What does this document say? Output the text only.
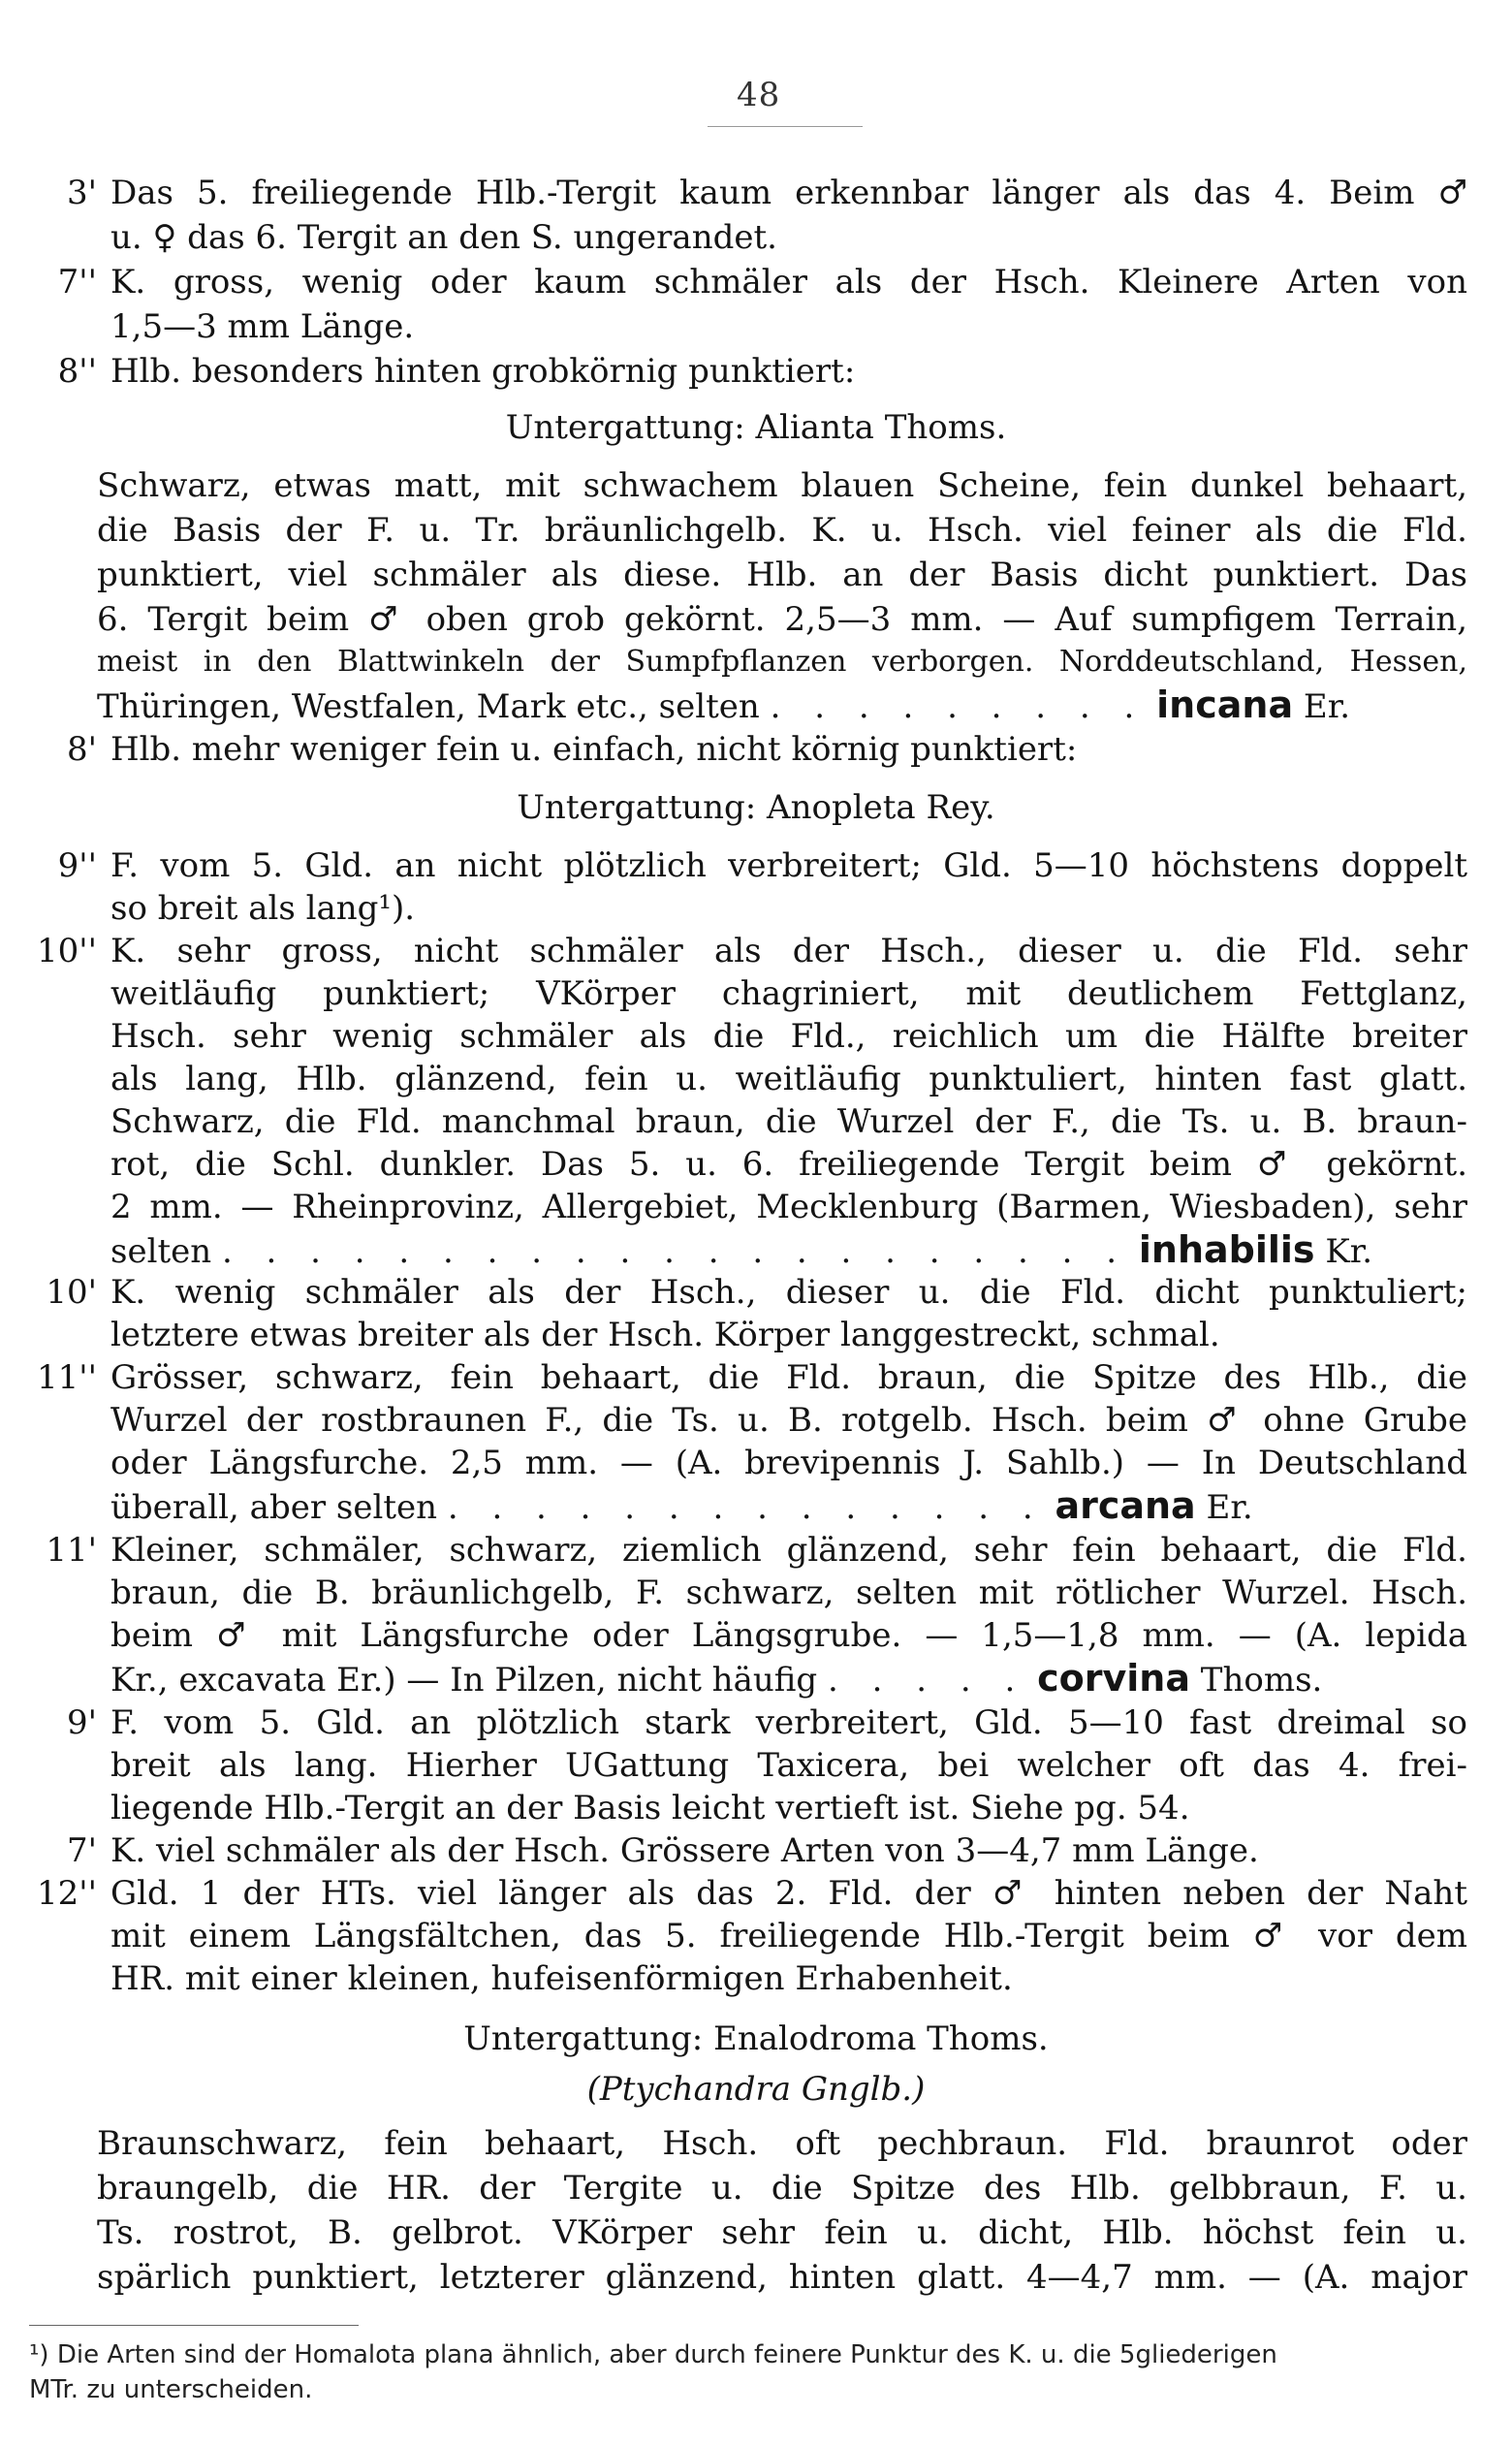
48
3' Das 5. freiliegende Hlb.-Tergit kaum erkennbar länger als das 4. Beim ♂
u. ♀ das 6. Tergit an den S. ungerandet.
7'' K. gross, wenig oder kaum schmäler als der Hsch. Kleinere Arten von
1,5—3 mm Länge.
8'' Hlb. besonders hinten grobkörnig punktiert:
Untergattung: Alianta Thoms.
Schwarz, etwas matt, mit schwachem blauen Scheine, fein dunkel behaart,
die Basis der F. u. Tr. bräunlichgelb. K. u. Hsch. viel feiner als die Fld.
punktiert, viel schmäler als diese. Hlb. an der Basis dicht punktiert. Das
6. Tergit beim ♂ oben grob gekörnt. 2,5—3 mm. — Auf sumpfigem Terrain,
meist in den Blattwinkeln der Sumpfpflanzen verborgen. Norddeutschland, Hessen,
Thüringen, Westfalen, Mark etc., selten . . . . . . . . . incana Er.
8' Hlb. mehr weniger fein u. einfach, nicht körnig punktiert:
Untergattung: Anopleta Rey.
9'' F. vom 5. Gld. an nicht plötzlich verbreitert; Gld. 5—10 höchstens doppelt
so breit als lang¹).
10'' K. sehr gross, nicht schmäler als der Hsch., dieser u. die Fld. sehr
weitläufig punktiert; VKörper chagriniert, mit deutlichem Fettglanz,
Hsch. sehr wenig schmäler als die Fld., reichlich um die Hälfte breiter
als lang, Hlb. glänzend, fein u. weitläufig punktuliert, hinten fast glatt.
Schwarz, die Fld. manchmal braun, die Wurzel der F., die Ts. u. B. braun-
rot, die Schl. dunkler. Das 5. u. 6. freiliegende Tergit beim ♂ gekörnt.
2 mm. — Rheinprovinz, Allergebiet, Mecklenburg (Barmen, Wiesbaden), sehr
selten . . . . . . . . . . . . . . . . . . . . . inhabilis Kr.
10' K. wenig schmäler als der Hsch., dieser u. die Fld. dicht punktuliert;
letztere etwas breiter als der Hsch. Körper langgestreckt, schmal.
11'' Grösser, schwarz, fein behaart, die Fld. braun, die Spitze des Hlb., die
Wurzel der rostbraunen F., die Ts. u. B. rotgelb. Hsch. beim ♂ ohne Grube
oder Längsfurche. 2,5 mm. — (A. brevipennis J. Sahlb.) — In Deutschland
überall, aber selten . . . . . . . . . . . . . . arcana Er.
11' Kleiner, schmäler, schwarz, ziemlich glänzend, sehr fein behaart, die Fld.
braun, die B. bräunlichgelb, F. schwarz, selten mit rötlicher Wurzel. Hsch.
beim ♂ mit Längsfurche oder Längsgrube. — 1,5—1,8 mm. — (A. lepida
Kr., excavata Er.) — In Pilzen, nicht häufig . . . . . corvina Thoms.
9' F. vom 5. Gld. an plötzlich stark verbreitert, Gld. 5—10 fast dreimal so
breit als lang. Hierher UGattung Taxicera, bei welcher oft das 4. frei-
liegende Hlb.-Tergit an der Basis leicht vertieft ist. Siehe pg. 54.
7' K. viel schmäler als der Hsch. Grössere Arten von 3—4,7 mm Länge.
12'' Gld. 1 der HTs. viel länger als das 2. Fld. der ♂ hinten neben der Naht
mit einem Längsfältchen, das 5. freiliegende Hlb.-Tergit beim ♂ vor dem
HR. mit einer kleinen, hufeisenförmigen Erhabenheit.
Untergattung: Enalodroma Thoms.
(Ptychandra Gnglb.)
Braunschwarz, fein behaart, Hsch. oft pechbraun. Fld. braunrot oder
braungelb, die HR. der Tergite u. die Spitze des Hlb. gelbbraun, F. u.
Ts. rostrot, B. gelbrot. VKörper sehr fein u. dicht, Hlb. höchst fein u.
spärlich punktiert, letzterer glänzend, hinten glatt. 4—4,7 mm. — (A. major
¹) Die Arten sind der Homalota plana ähnlich, aber durch feinere Punktur des K. u. die 5gliederigen
MTr. zu unterscheiden.
